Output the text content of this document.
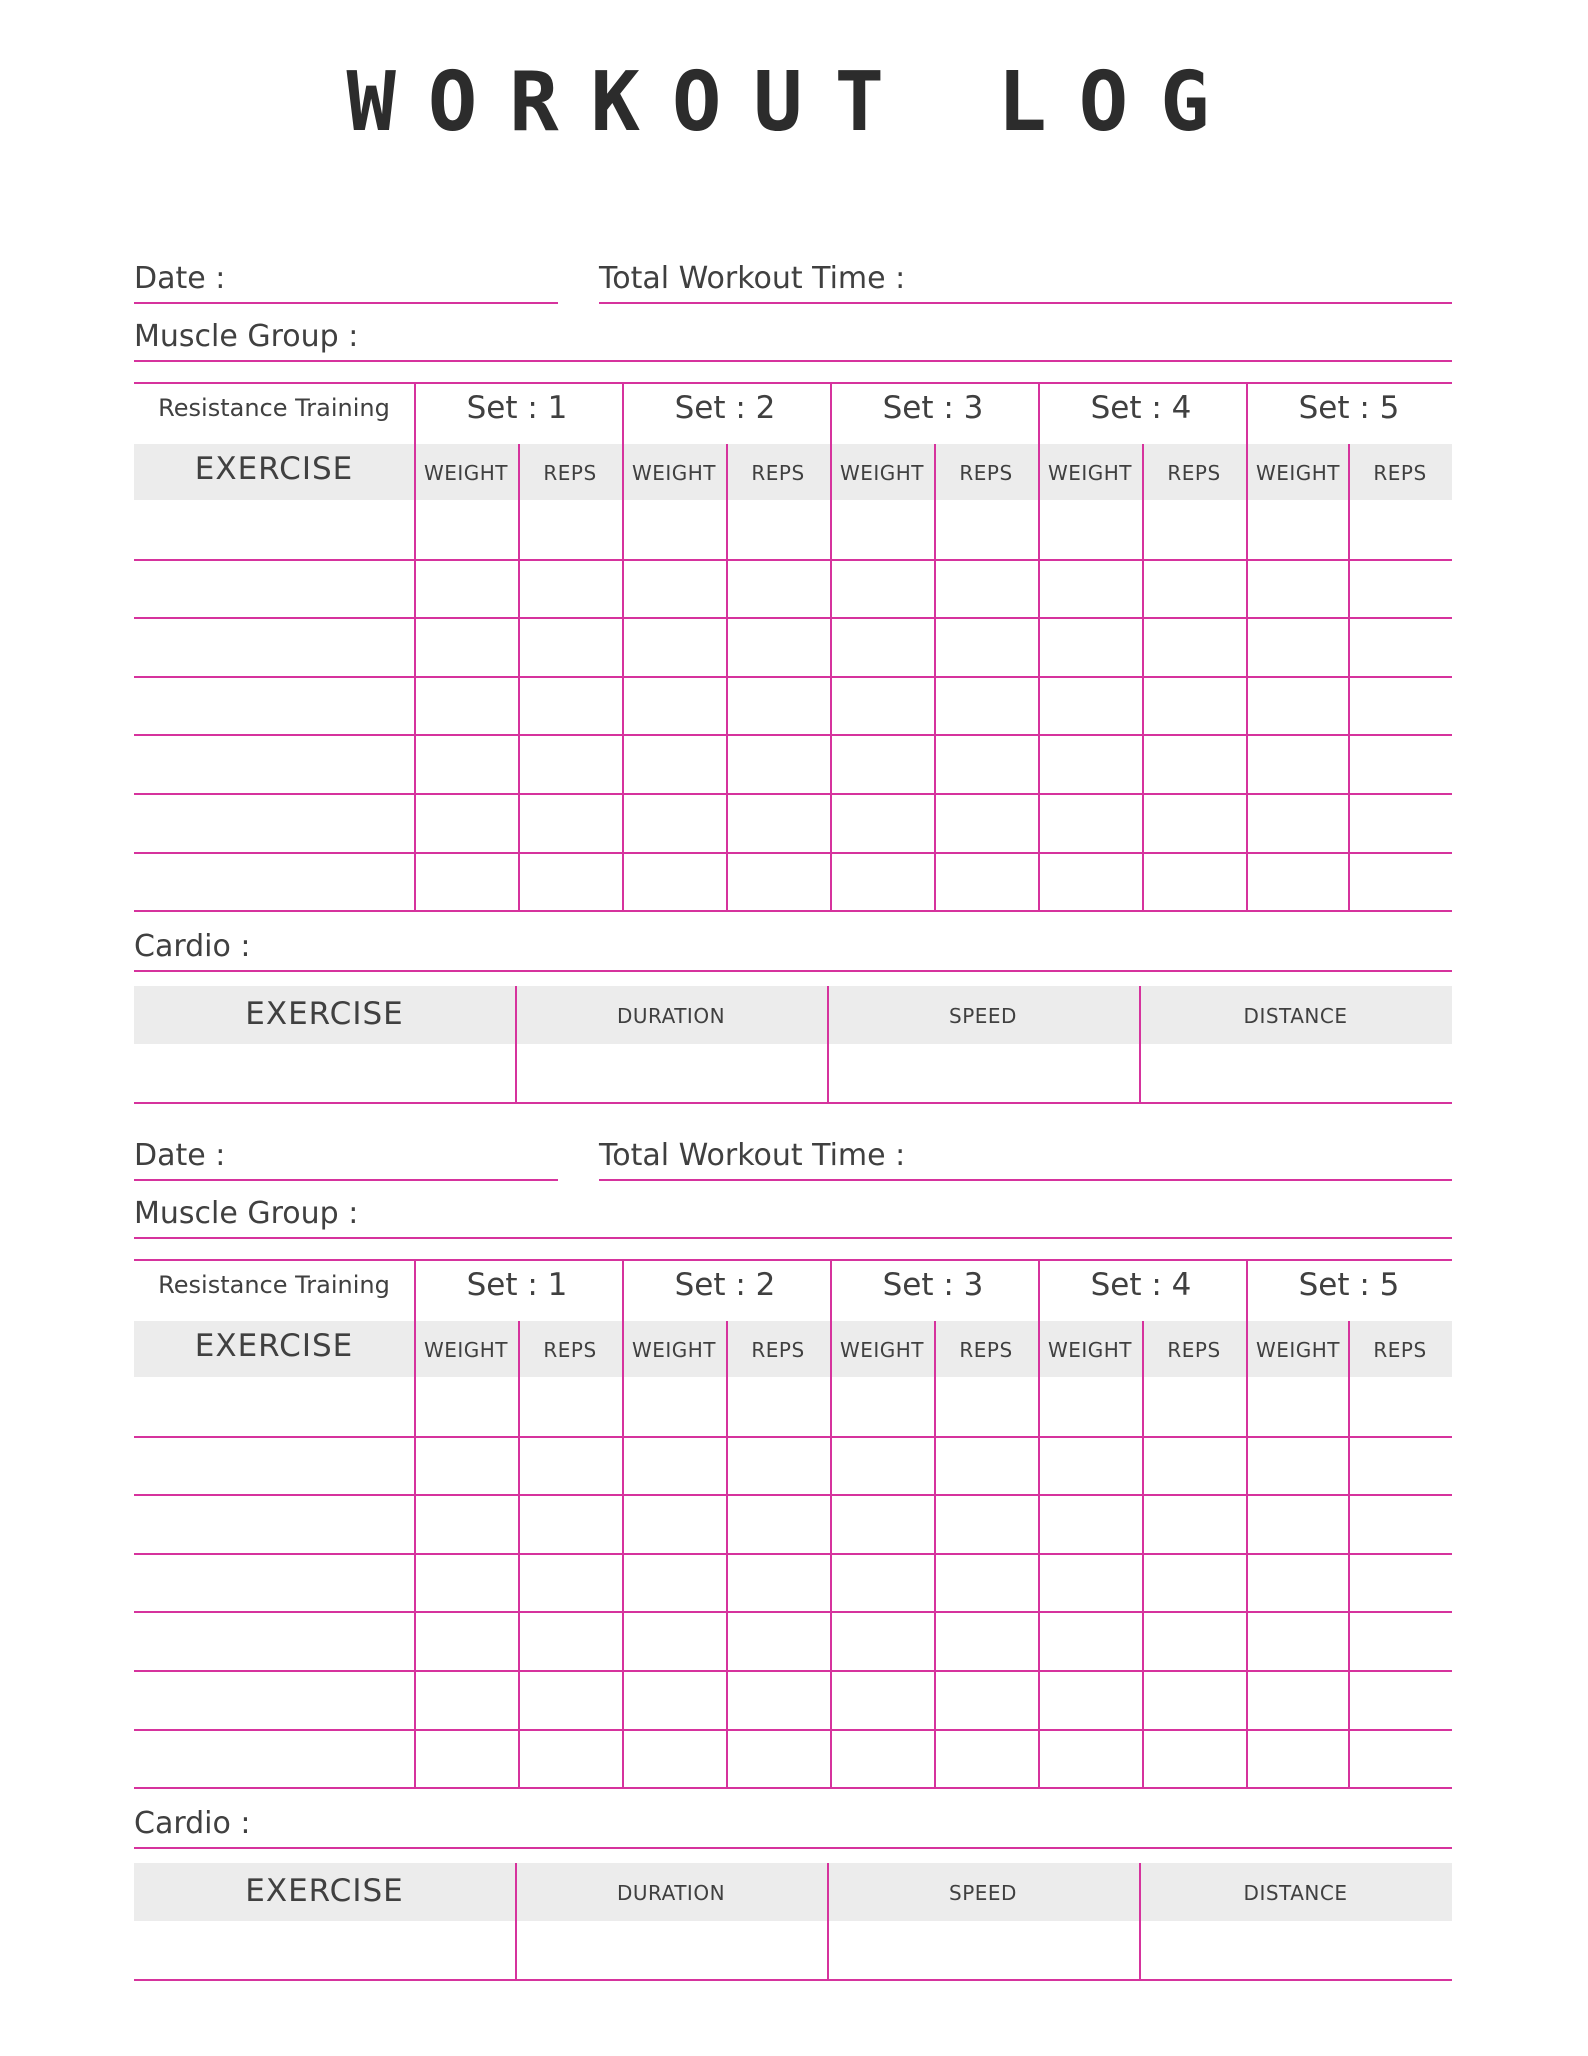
WORKOUT LOG
Date :	Total Workout Time :
Muscle Group :
Resistance Training	Set : 1	Set : 2	Set : 3	Set : 4	Set : 5
EXERCISE	WEIGHT	REPS	WEIGHT	REPS	WEIGHT	REPS	WEIGHT	REPS	WEIGHT	REPS
Cardio :
EXERCISE	DURATION	SPEED	DISTANCE
Date :	Total Workout Time :
Muscle Group :
Resistance Training	Set : 1	Set : 2	Set : 3	Set : 4	Set : 5
EXERCISE	WEIGHT	REPS	WEIGHT	REPS	WEIGHT	REPS	WEIGHT	REPS	WEIGHT	REPS
Cardio :
EXERCISE	DURATION	SPEED	DISTANCE
